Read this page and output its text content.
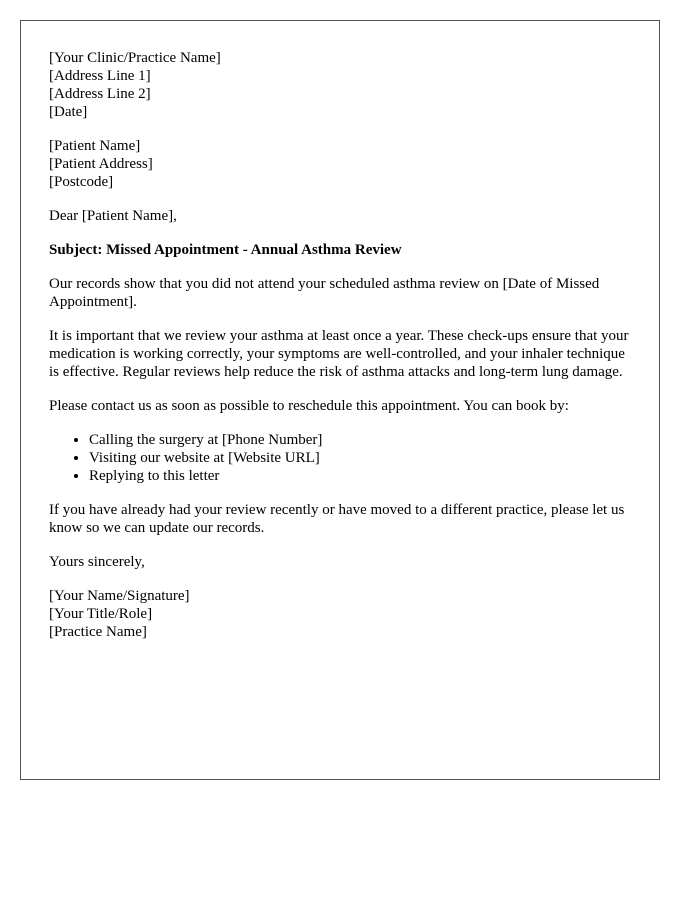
[Your Clinic/Practice Name]
[Address Line 1]
[Address Line 2]
[Date]
[Patient Name]
[Patient Address]
[Postcode]

Dear [Patient Name],

Subject: Missed Appointment - Annual Asthma Review

Our records show that you did not attend your scheduled asthma review on [Date of Missed Appointment].

It is important that we review your asthma at least once a year. These check-ups ensure that your medication is working correctly, your symptoms are well-controlled, and your inhaler technique is effective. Regular reviews help reduce the risk of asthma attacks and long-term lung damage.

Please contact us as soon as possible to reschedule this appointment. You can book by:

• Calling the surgery at [Phone Number]
• Visiting our website at [Website URL]
• Replying to this letter

If you have already had your review recently or have moved to a different practice, please let us know so we can update our records.

Yours sincerely,

[Your Name/Signature]
[Your Title/Role]
[Practice Name]
